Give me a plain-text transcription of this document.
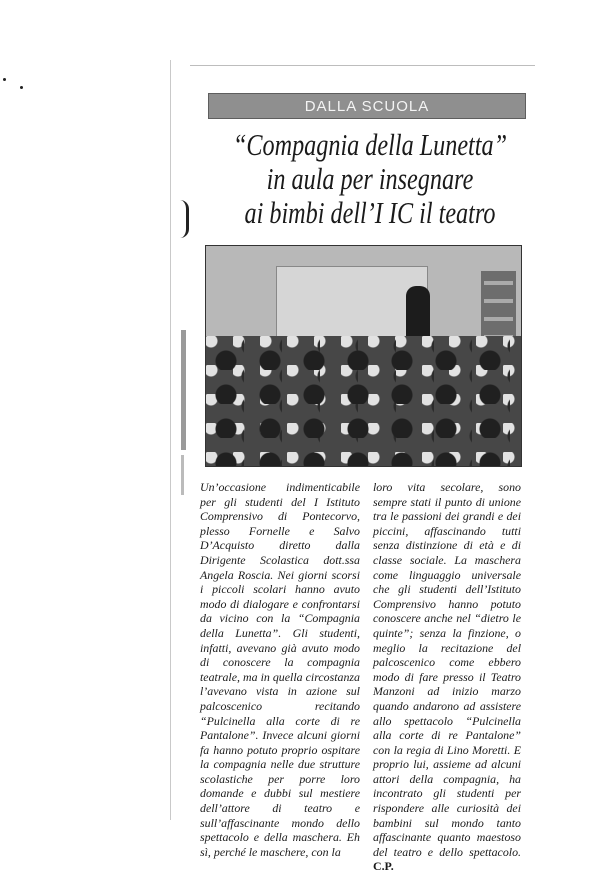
DALLA SCUOLA
“Compagnia della Lunetta”
in aula per insegnare
ai bimbi dell’I IC il teatro

Un’occasione indimenticabile per gli studenti del I Istituto Comprensivo di Pontecorvo, plesso Fornelle e Salvo D’Acquisto diretto dalla Dirigente Scolastica dott.ssa Angela Roscia. Nei giorni scorsi i piccoli scolari hanno avuto modo di dialogare e confrontarsi da vicino con la “Compagnia della Lunetta”. Gli studenti, infatti, avevano già avuto modo di conoscere la compagnia teatrale, ma in quella circostanza l’avevano vista in azione sul palcoscenico recitando “Pulcinella alla corte di re Pantalone”. Invece alcuni giorni fa hanno potuto proprio ospitare la compagnia nelle due strutture scolastiche per porre loro domande e dubbi sul mestiere dell’attore di teatro e sull’affascinante mondo dello spettacolo e della maschera. Eh sì, perché le maschere, con la

loro vita secolare, sono sempre stati il punto di unione tra le passioni dei grandi e dei piccini, affascinando tutti senza distinzione di età e di classe sociale. La maschera come linguaggio universale che gli studenti dell’Istituto Comprensivo hanno potuto conoscere anche nel “dietro le quinte”; senza la finzione, o meglio la recitazione del palcoscenico come ebbero modo di fare presso il Teatro Manzoni ad inizio marzo quando andarono ad assistere allo spettacolo “Pulcinella alla corte di re Pantalone” con la regia di Lino Moretti. E proprio lui, assieme ad alcuni attori della compagnia, ha incontrato gli studenti per rispondere alle curiosità dei bambini sul mondo tanto affascinante quanto maestoso del teatro e dello spettacolo. C.P.
